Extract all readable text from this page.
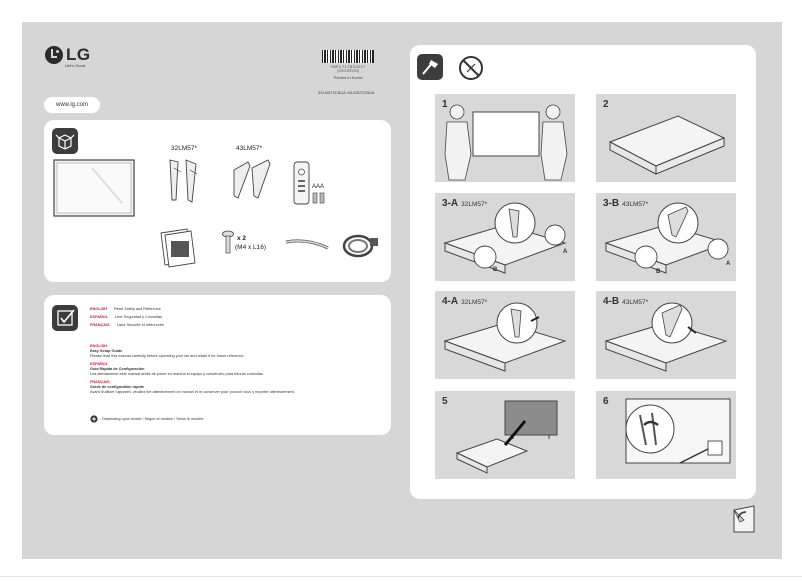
LG
Life's Good	*MFL71783201*
(1903-REV00)
Printed in Korea
32LM572CBUA 43LM572CBUA
www.lg.com
32LM57*	43LM57*
AAA
x 2
(M4 x L16)
ENGLISH Read Safety and Reference
ESPAÑOL Leer Seguridad y Consultas
FRANÇAIS Lisez Sécurité et références
ENGLISH
Easy Setup Guide
Please read this manual carefully before operating your set and retain it for future reference.
ESPAÑOL
Guía Rápida de Configuración
Lea atentamente este manual antes de poner en marcha el equipo y consérvelo para futuras consultas.
FRANÇAIS
Guide de configuration rapide
Avant d'utiliser l'appareil, veuillez lire attentivement ce manuel et le conserver pour pouvoir vous y reporter ultérieurement.
: Depending upon model / Según el modelo / Selon le modèle
1	2
3-A 32LM57*
B
A
3-B 43LM57*
B
A
4-A 32LM57*	4-B 43LM57*
5	6
